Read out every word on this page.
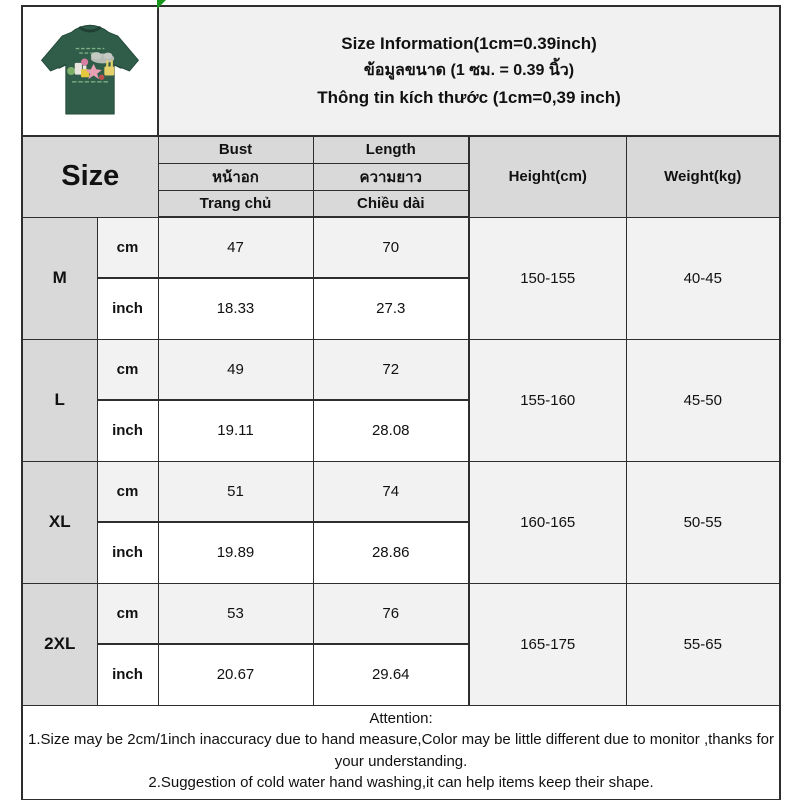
Size Information(1cm=0.39inch)
ข้อมูลขนาด (1 ซม. = 0.39 นิ้ว)
Thông tin kích thước (1cm=0,39 inch)			

Size		Bust	Length	Height(cm)	Weight(kg)
		หน้าอก	ความยาว		
		Trang chủ	Chiều dài		
M	cm	47	70	150-155	40-45
	inch	18.33	27.3		
L	cm	49	72	155-160	45-50
	inch	19.11	28.08		
XL	cm	51	74	160-165	50-55
	inch	19.89	28.86		
2XL	cm	53	76	165-175	55-65
	inch	20.67	29.64		

Attention:
1.Size may be 2cm/1inch inaccuracy due to hand measure,Color may be little different due to monitor ,thanks for your understanding.
2.Suggestion of cold water hand washing,it can help items keep their shape.					
